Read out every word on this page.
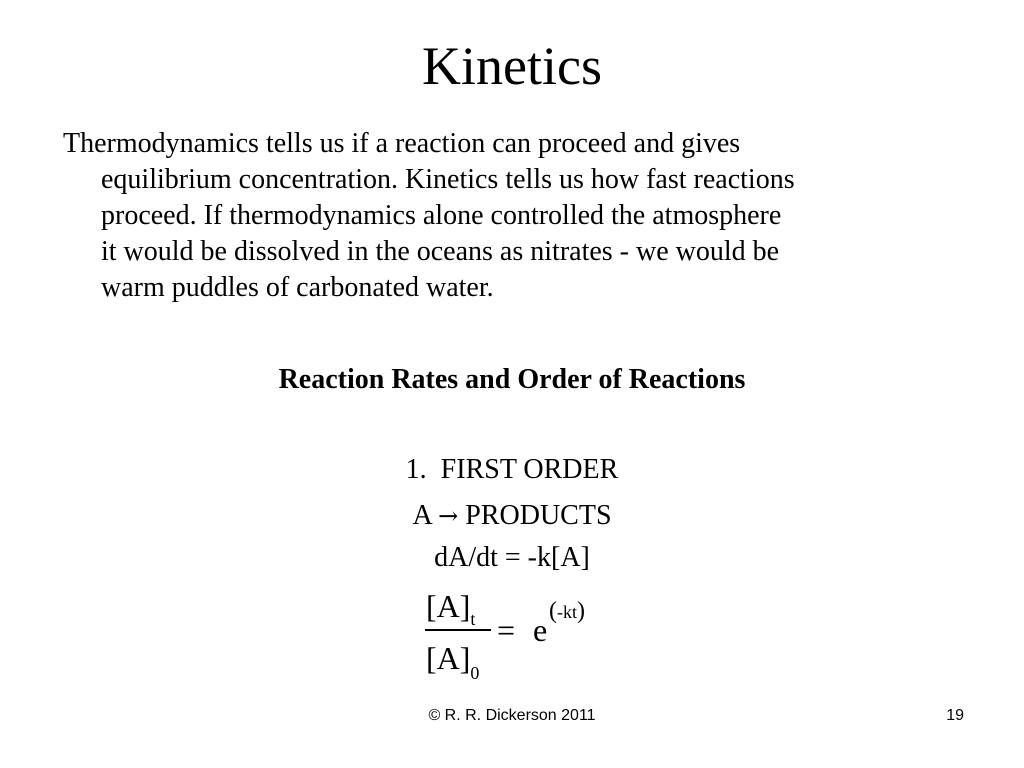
Kinetics
Thermodynamics tells us if a reaction can proceed and gives
equilibrium concentration. Kinetics tells us how fast reactions
proceed. If thermodynamics alone controlled the atmosphere
it would be dissolved in the oceans as nitrates - we would be
warm puddles of carbonated water.
Reaction Rates and Order of Reactions
1.  FIRST ORDER
A → PRODUCTS
dA/dt = -k[A]
$[A]_t$
$[A]_0$
= e
(-kt)
© R. R. Dickerson 2011	19
